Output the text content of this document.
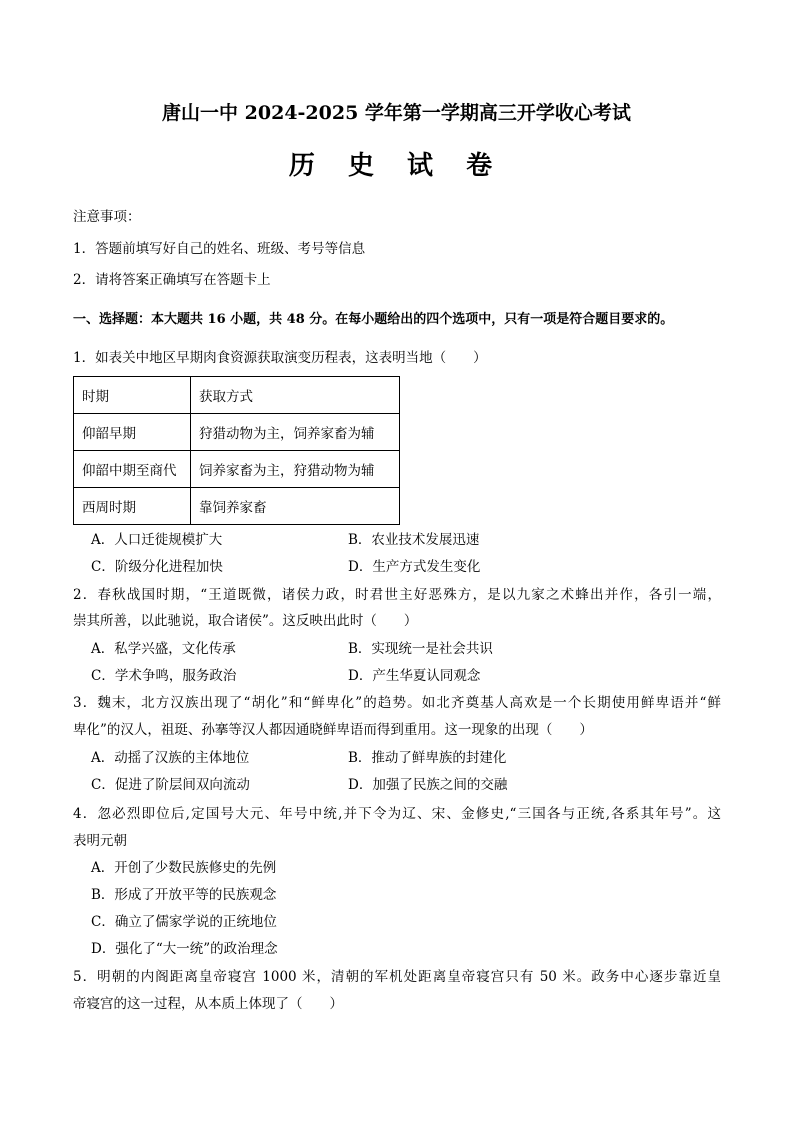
唐山一中 2024-2025 学年第一学期高三开学收心考试
历 史 试 卷
注意事项：
1．答题前填写好自己的姓名、班级、考号等信息
2．请将答案正确填写在答题卡上
一、选择题：本大题共 16 小题，共 48 分。在每小题给出的四个选项中，只有一项是符合题目要求的。
1．如表关中地区早期肉食资源获取演变历程表，这表明当地（　　）
时期	获取方式
仰韶早期	狩猎动物为主，饲养家畜为辅
仰韶中期至商代	饲养家畜为主，狩猎动物为辅
西周时期	靠饲养家畜
A．人口迁徙规模扩大	B．农业技术发展迅速
C．阶级分化进程加快	D．生产方式发生变化
2．春秋战国时期，“王道既微，诸侯力政，时君世主好恶殊方，是以九家之术蜂出并作，各引一端，
崇其所善，以此驰说，取合诸侯”。这反映出此时（　　）
A．私学兴盛，文化传承	B．实现统一是社会共识
C．学术争鸣，服务政治	D．产生华夏认同观念
3．魏末，北方汉族出现了“胡化”和“鲜卑化”的趋势。如北齐奠基人高欢是一个长期使用鲜卑语并“鲜
卑化”的汉人，祖珽、孙搴等汉人都因通晓鲜卑语而得到重用。这一现象的出现（　　）
A．动摇了汉族的主体地位	B．推动了鲜卑族的封建化
C．促进了阶层间双向流动	D．加强了民族之间的交融
4．忽必烈即位后,定国号大元、年号中统,并下令为辽、宋、金修史,“三国各与正统,各系其年号”。这
表明元朝
A．开创了少数民族修史的先例
B．形成了开放平等的民族观念
C．确立了儒家学说的正统地位
D．强化了“大一统”的政治理念
5．明朝的内阁距离皇帝寝宫 1000 米，清朝的军机处距离皇帝寝宫只有 50 米。政务中心逐步靠近皇
帝寝宫的这一过程，从本质上体现了（　　）
